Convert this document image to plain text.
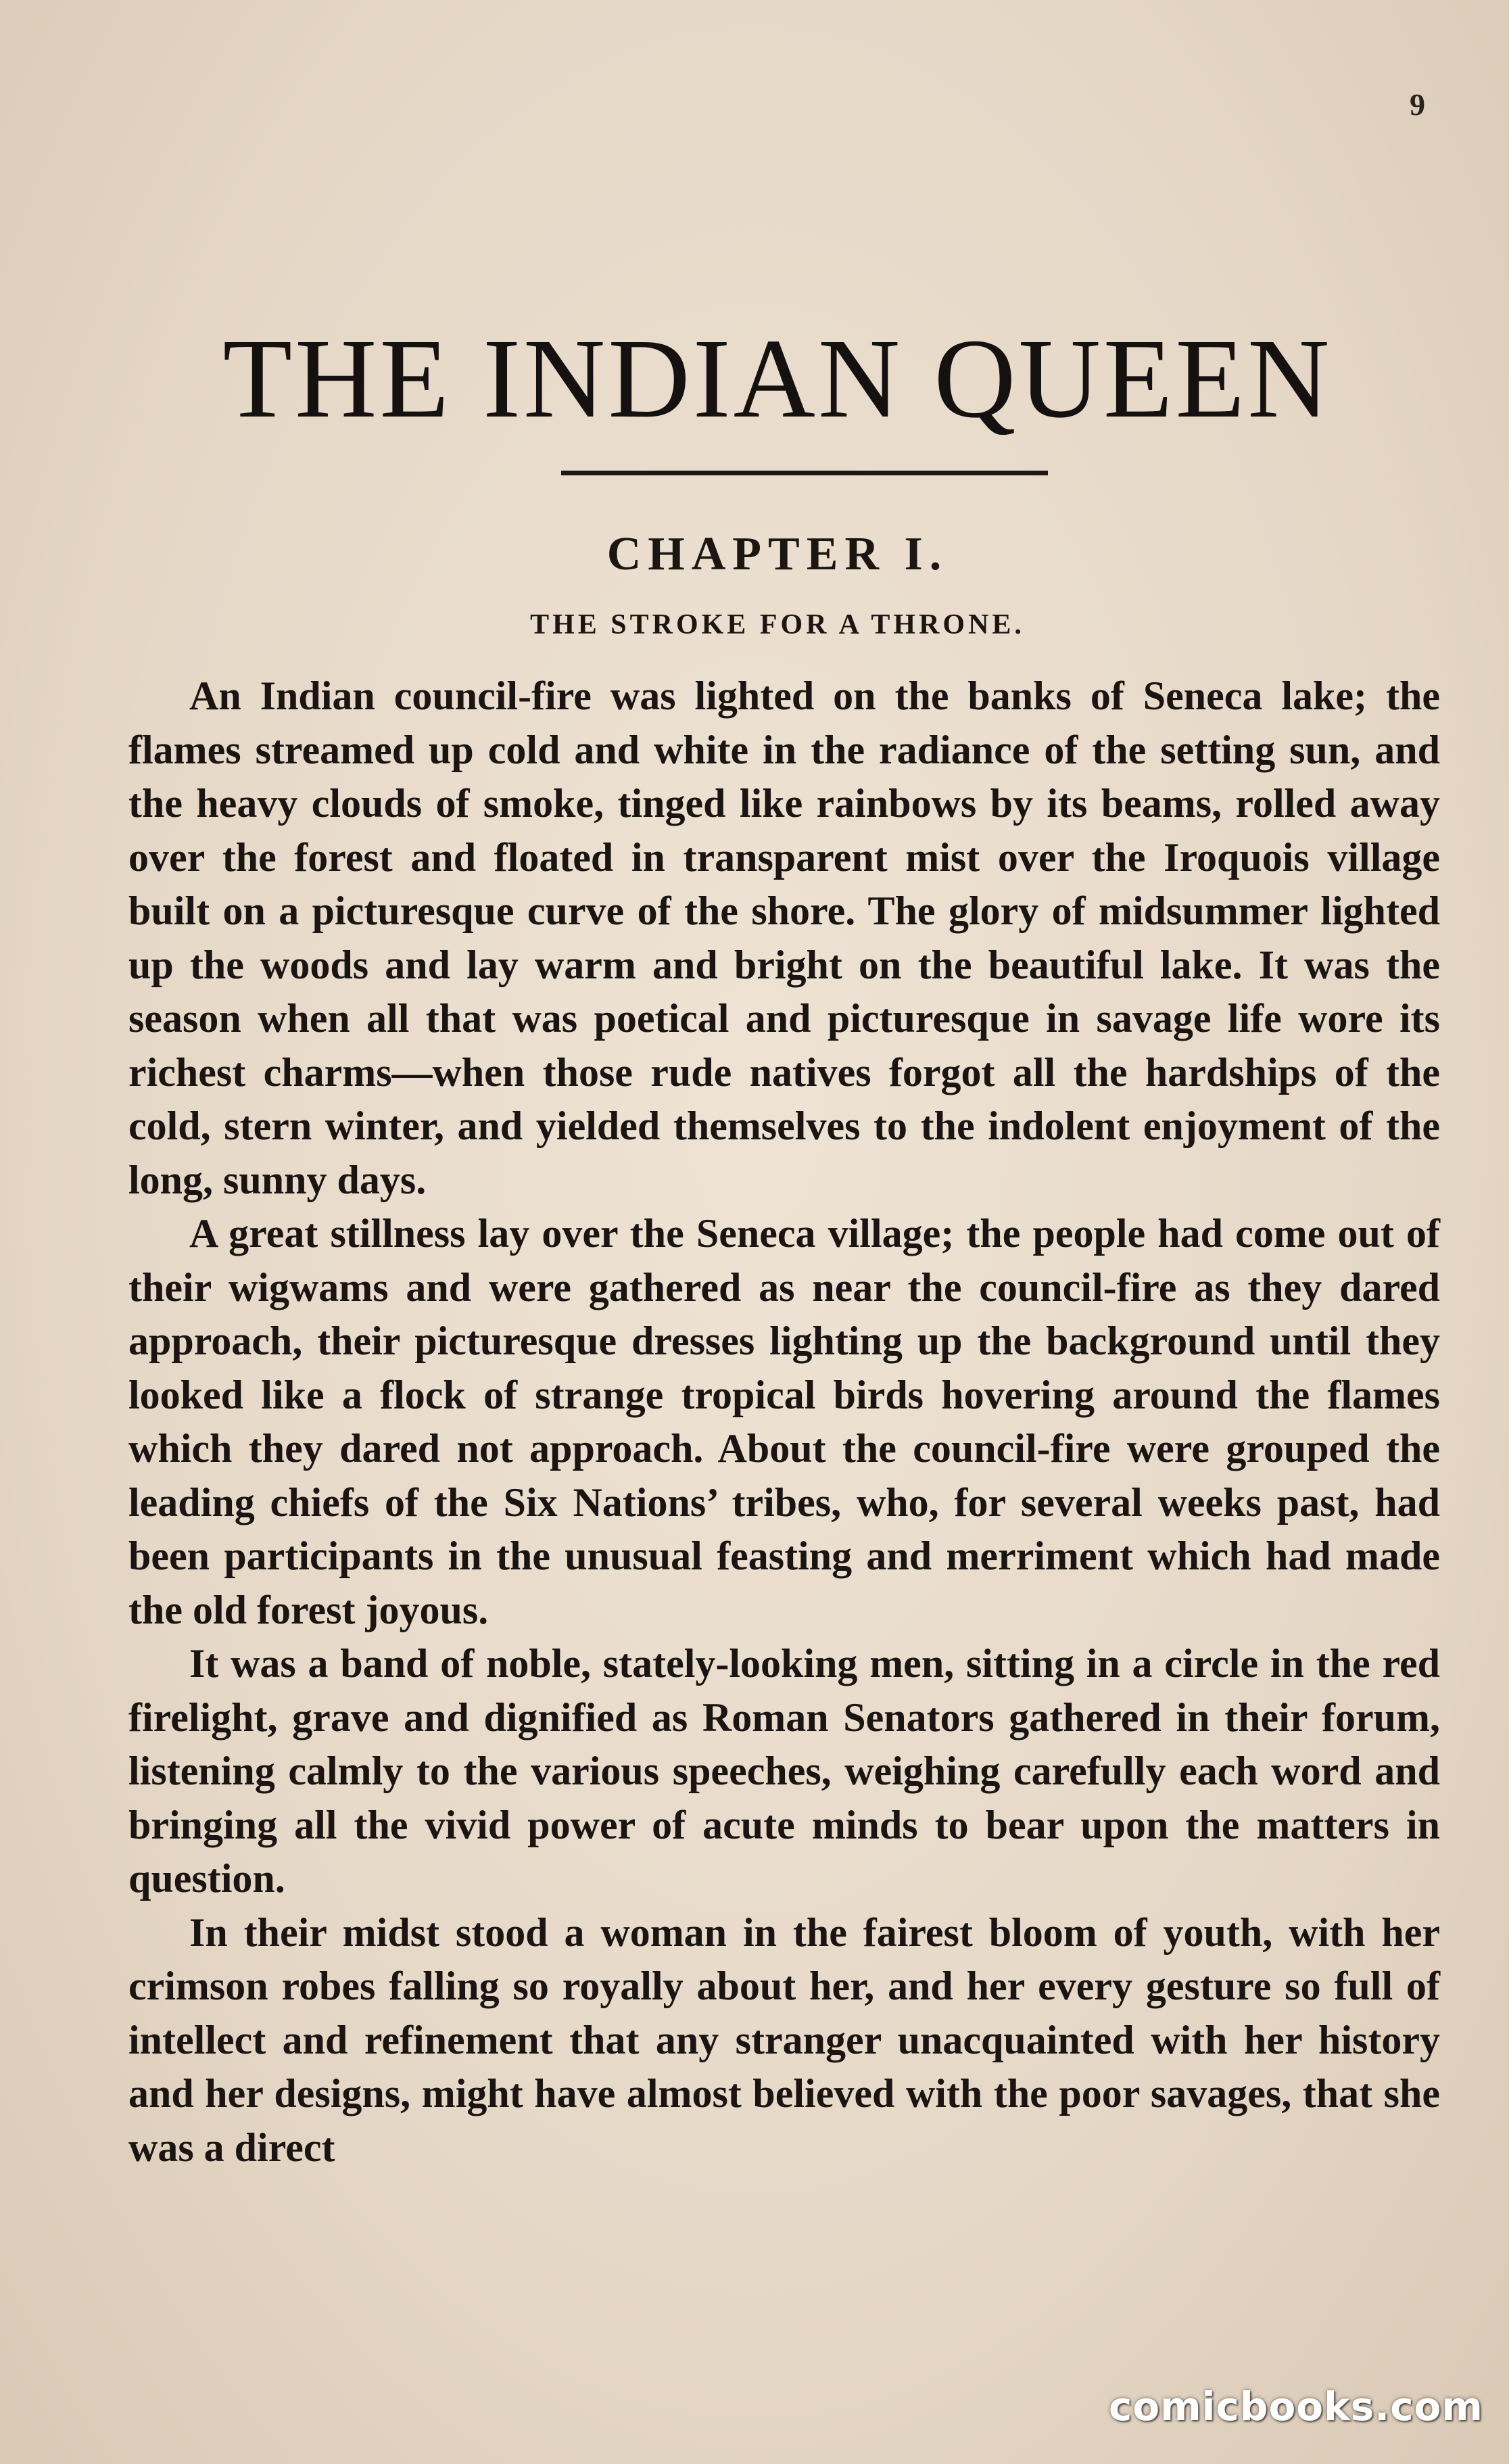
9
THE INDIAN QUEEN
CHAPTER I.
THE STROKE FOR A THRONE.

An Indian council-fire was lighted on the banks of Seneca lake; the flames streamed up cold and white in the radiance of the setting sun, and the heavy clouds of smoke, tinged like rainbows by its beams, rolled away over the forest and floated in transparent mist over the Iroquois village built on a picturesque curve of the shore. The glory of midsummer lighted up the woods and lay warm and bright on the beautiful lake. It was the season when all that was poetical and picturesque in savage life wore its richest charms—when those rude natives forgot all the hardships of the cold, stern winter, and yielded themselves to the indolent enjoyment of the long, sunny days.

A great stillness lay over the Seneca village; the people had come out of their wigwams and were gathered as near the council-fire as they dared approach, their picturesque dresses lighting up the background until they looked like a flock of strange tropical birds hovering around the flames which they dared not approach. About the council-fire were grouped the leading chiefs of the Six Nations’ tribes, who, for several weeks past, had been participants in the unusual feasting and merriment which had made the old forest joyous.

It was a band of noble, stately-looking men, sitting in a circle in the red firelight, grave and dignified as Roman Senators gathered in their forum, listening calmly to the various speeches, weighing carefully each word and bringing all the vivid power of acute minds to bear upon the matters in question.

In their midst stood a woman in the fairest bloom of youth, with her crimson robes falling so royally about her, and her every gesture so full of intellect and refinement that any stranger unacquainted with her history and her designs, might have almost believed with the poor savages, that she was a direct

comicbooks.com
